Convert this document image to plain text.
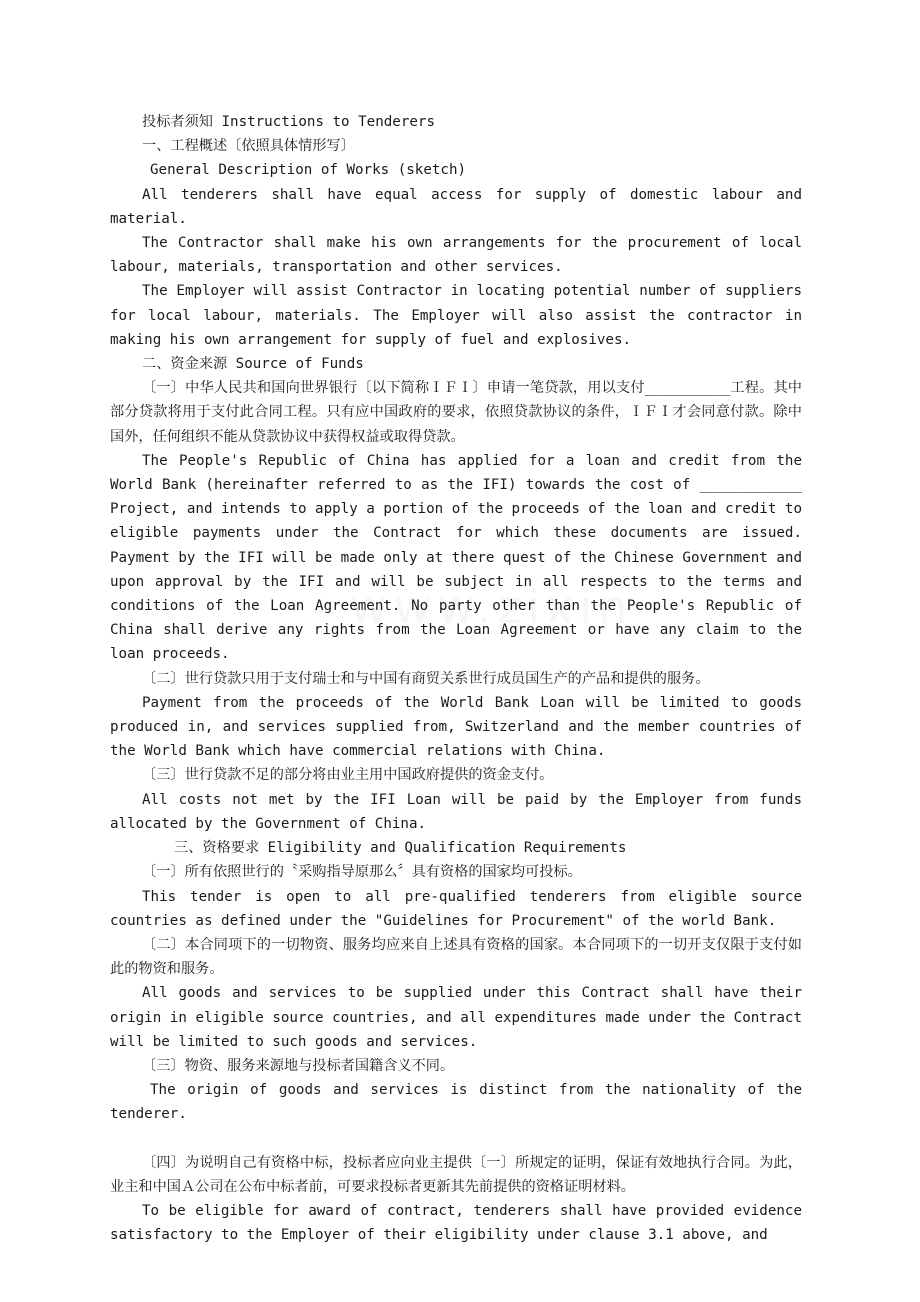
投标者须知 Instructions to Tenderers

一、工程概述〔依照具体情形写〕

General Description of Works (sketch)

All tenderers shall have equal access for supply of domestic labour and material.

The Contractor shall make his own arrangements for the procurement of local labour, materials, transportation and other services.

The Employer will assist Contractor in locating potential number of suppliers for local labour, materials. The Employer will also assist the contractor in making his own arrangement for supply of fuel and explosives.

二、资金来源 Source of Funds

〔一〕中华人民共和国向世界银行〔以下简称ＩＦＩ〕申请一笔贷款，用以支付__________工程。其中部分贷款将用于支付此合同工程。只有应中国政府的要求，依照贷款协议的条件，ＩＦＩ才会同意付款。除中国外，任何组织不能从贷款协议中获得权益或取得贷款。

The People's Republic of China has applied for a loan and credit from the World Bank (hereinafter referred to as the IFI) towards the cost of ____________ Project, and intends to apply a portion of the proceeds of the loan and credit to eligible payments under the Contract for which these documents are issued. Payment by the IFI will be made only at there quest of the Chinese Government and upon approval by the IFI and will be subject in all respects to the terms and conditions of the Loan Agreement. No party other than the People's Republic of China shall derive any rights from the Loan Agreement or have any claim to the loan proceeds.

〔二〕世行贷款只用于支付瑞士和与中国有商贸关系世行成员国生产的产品和提供的服务。

Payment from the proceeds of the World Bank Loan will be limited to goods produced in, and services supplied from, Switzerland and the member countries of the World Bank which have commercial relations with China.

〔三〕世行贷款不足的部分将由业主用中国政府提供的资金支付。

All costs not met by the IFI Loan will be paid by the Employer from funds allocated by the Government of China.

三、资格要求 Eligibility and Qualification Requirements

〔一〕所有依照世行的〝采购指导原那么〞具有资格的国家均可投标。

This tender is open to all pre-qualified tenderers from eligible source countries as defined under the "Guidelines for Procurement" of the world Bank.

〔二〕本合同项下的一切物资、服务均应来自上述具有资格的国家。本合同项下的一切开支仅限于支付如此的物资和服务。

All goods and services to be supplied under this Contract shall have their origin in eligible source countries, and all expenditures made under the Contract will be limited to such goods and services.

〔三〕物资、服务来源地与投标者国籍含义不同。

The origin of goods and services is distinct from the nationality of the tenderer.

〔四〕为说明自己有资格中标，投标者应向业主提供〔一〕所规定的证明，保证有效地执行合同。为此，业主和中国Ａ公司在公布中标者前，可要求投标者更新其先前提供的资格证明材料。

To be eligible for award of contract, tenderers shall have provided evidence satisfactory to the Employer of their eligibility under clause 3.1 above, and
